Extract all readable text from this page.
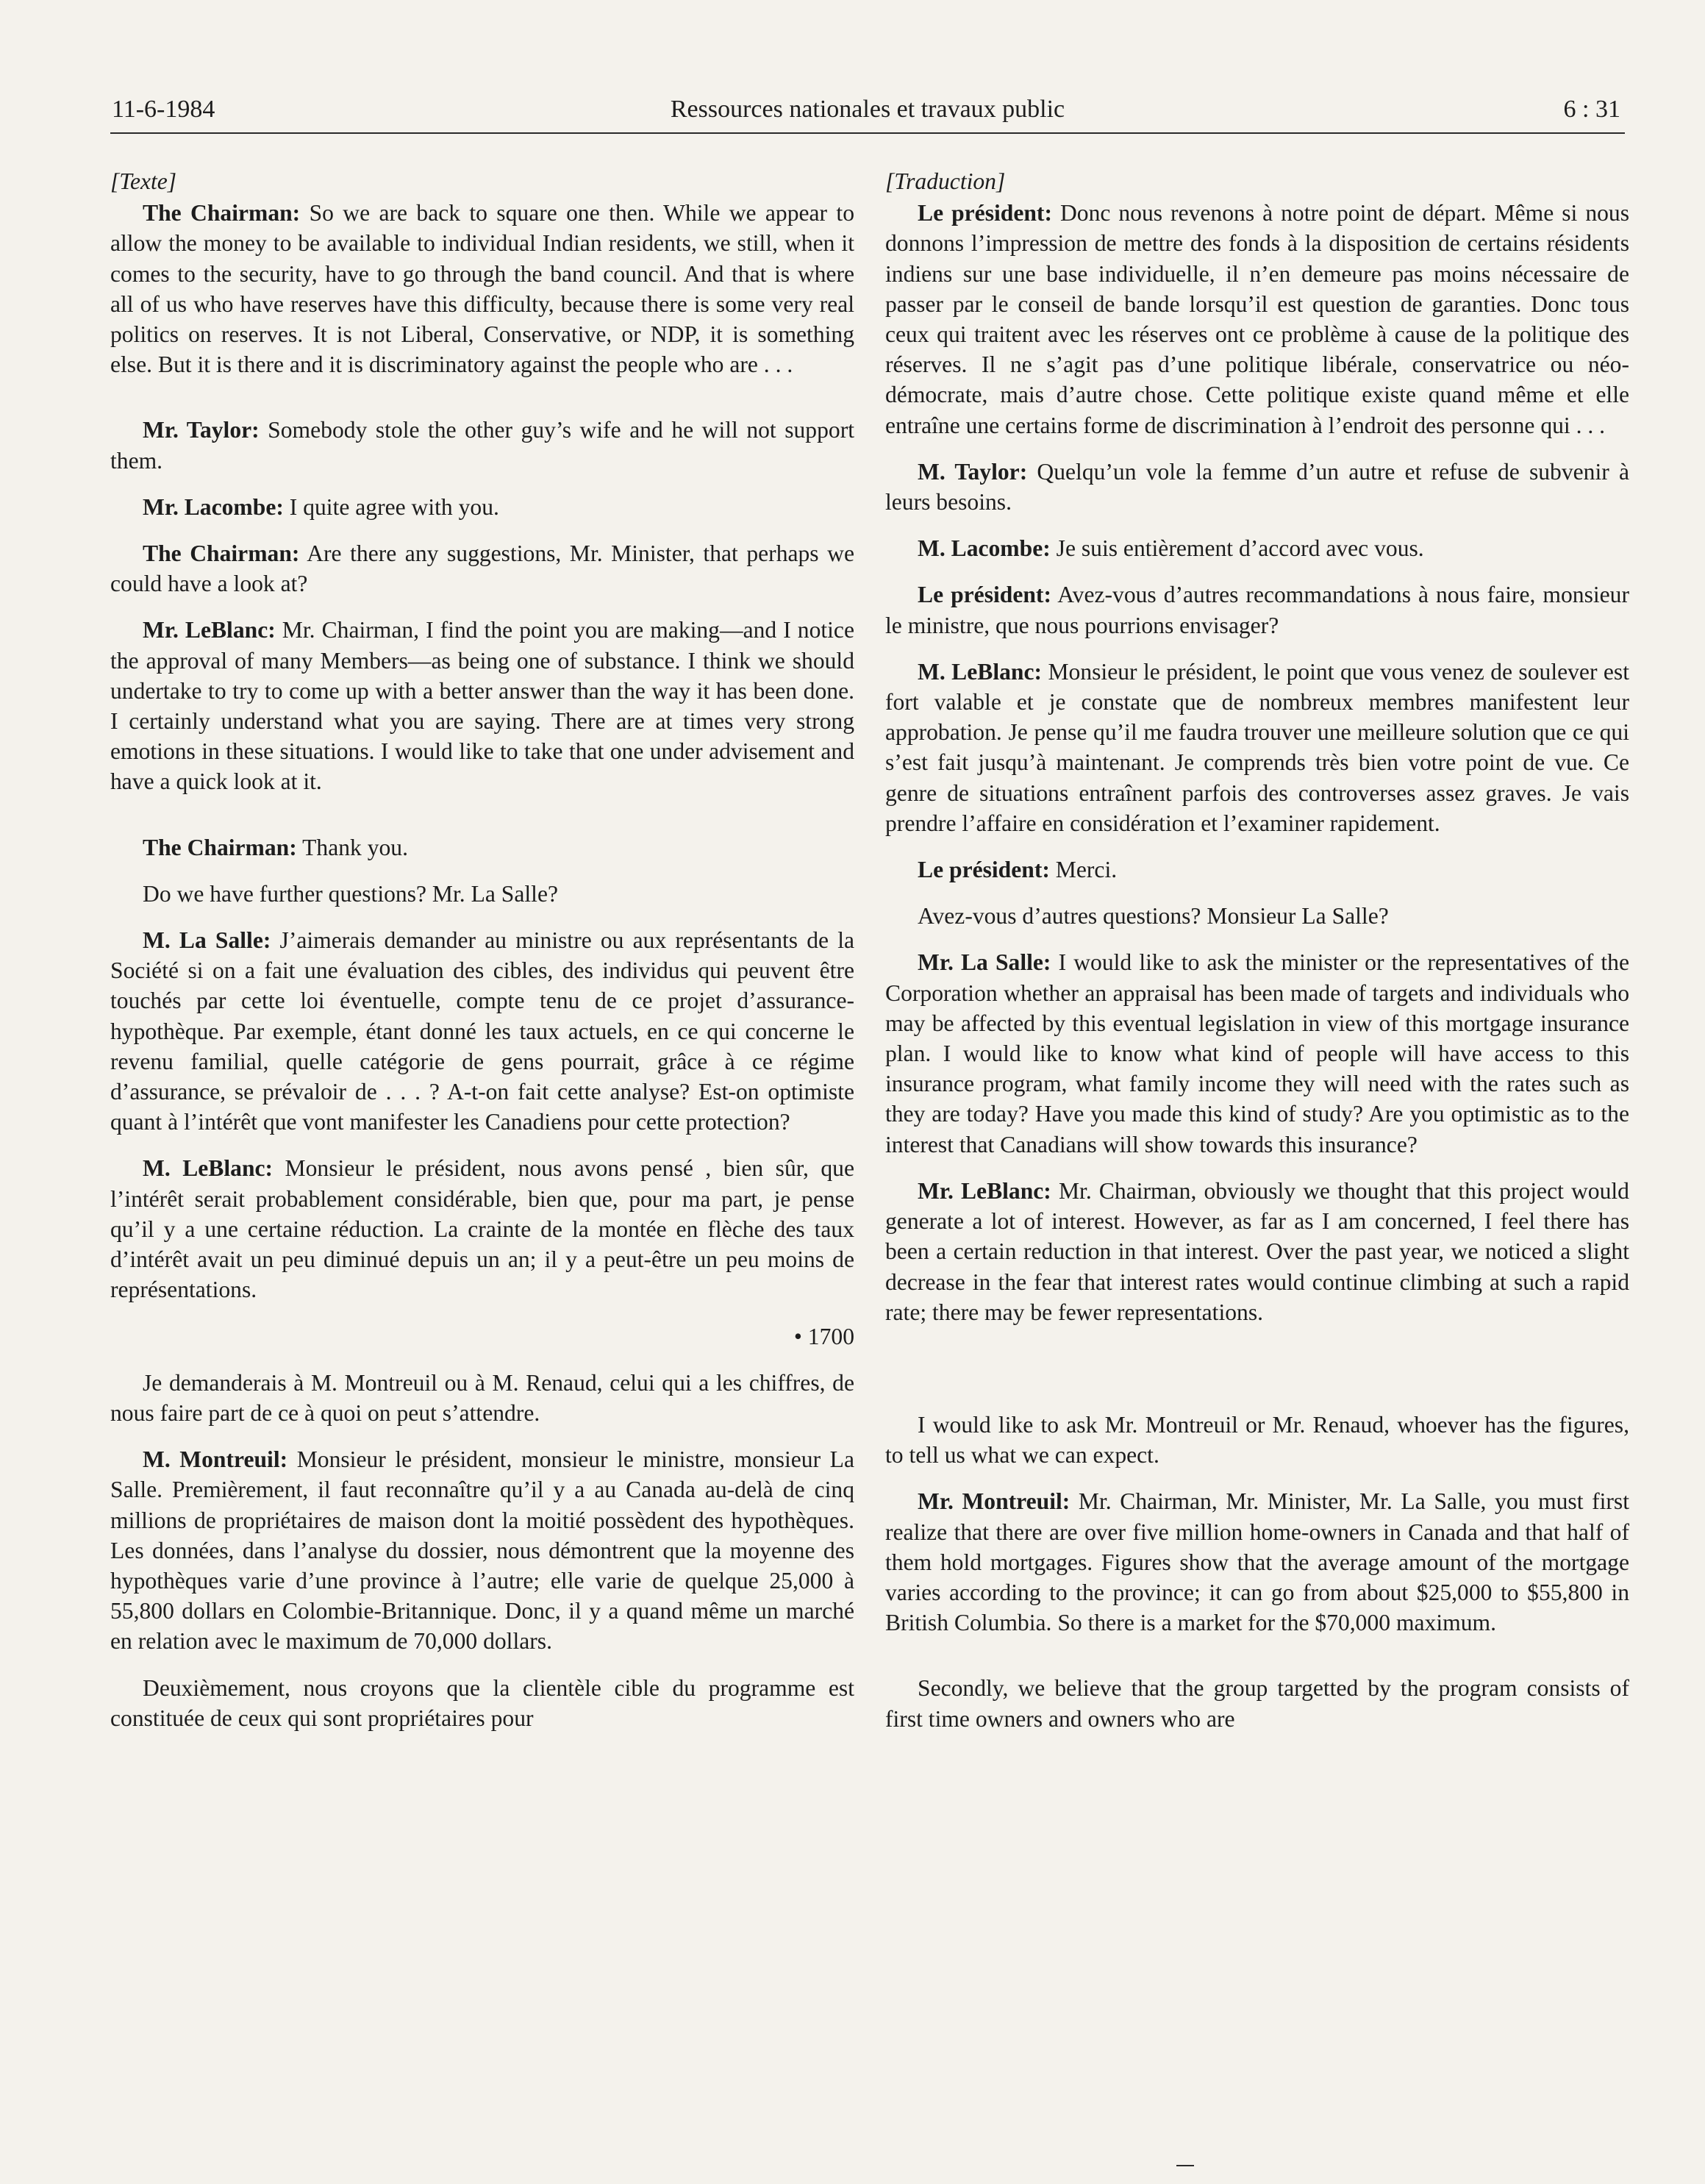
11-6-1984	Ressources nationales et travaux public	6 : 31

[Texte]

The Chairman: So we are back to square one then. While we appear to allow the money to be available to individual Indian residents, we still, when it comes to the security, have to go through the band council. And that is where all of us who have reserves have this difficulty, because there is some very real politics on reserves. It is not Liberal, Conservative, or NDP, it is something else. But it is there and it is discriminatory against the people who are . . .

Mr. Taylor: Somebody stole the other guy’s wife and he will not support them.

Mr. Lacombe: I quite agree with you.

The Chairman: Are there any suggestions, Mr. Minister, that perhaps we could have a look at?

Mr. LeBlanc: Mr. Chairman, I find the point you are making—and I notice the approval of many Members—as being one of substance. I think we should undertake to try to come up with a better answer than the way it has been done. I certainly understand what you are saying. There are at times very strong emotions in these situations. I would like to take that one under advisement and have a quick look at it.

The Chairman: Thank you.

Do we have further questions? Mr. La Salle?

M. La Salle: J’aimerais demander au ministre ou aux représentants de la Société si on a fait une évaluation des cibles, des individus qui peuvent être touchés par cette loi éventuelle, compte tenu de ce projet d’assurance-hypothèque. Par exemple, étant donné les taux actuels, en ce qui concerne le revenu familial, quelle catégorie de gens pourrait, grâce à ce régime d’assurance, se prévaloir de . . . ? A-t-on fait cette analyse? Est-on optimiste quant à l’intérêt que vont manifester les Canadiens pour cette protection?

M. LeBlanc: Monsieur le président, nous avons pensé , bien sûr, que l’intérêt serait probablement considérable, bien que, pour ma part, je pense qu’il y a une certaine réduction. La crainte de la montée en flèche des taux d’intérêt avait un peu diminué depuis un an; il y a peut-être un peu moins de représentations.

• 1700

Je demanderais à M. Montreuil ou à M. Renaud, celui qui a les chiffres, de nous faire part de ce à quoi on peut s’attendre.

M. Montreuil: Monsieur le président, monsieur le ministre, monsieur La Salle. Premièrement, il faut reconnaître qu’il y a au Canada au-delà de cinq millions de propriétaires de maison dont la moitié possèdent des hypothèques. Les données, dans l’analyse du dossier, nous démontrent que la moyenne des hypothèques varie d’une province à l’autre; elle varie de quelque 25,000 à 55,800 dollars en Colombie-Britannique. Donc, il y a quand même un marché en relation avec le maximum de 70,000 dollars.

Deuxièmement, nous croyons que la clientèle cible du programme est constituée de ceux qui sont propriétaires pour

[Traduction]

Le président: Donc nous revenons à notre point de départ. Même si nous donnons l’impression de mettre des fonds à la disposition de certains résidents indiens sur une base individuelle, il n’en demeure pas moins nécessaire de passer par le conseil de bande lorsqu’il est question de garanties. Donc tous ceux qui traitent avec les réserves ont ce problème à cause de la politique des réserves. Il ne s’agit pas d’une politique libérale, conservatrice ou néo-démocrate, mais d’autre chose. Cette politique existe quand même et elle entraîne une certains forme de discrimination à l’endroit des personne qui . . .

M. Taylor: Quelqu’un vole la femme d’un autre et refuse de subvenir à leurs besoins.

M. Lacombe: Je suis entièrement d’accord avec vous.

Le président: Avez-vous d’autres recommandations à nous faire, monsieur le ministre, que nous pourrions envisager?

M. LeBlanc: Monsieur le président, le point que vous venez de soulever est fort valable et je constate que de nombreux membres manifestent leur approbation. Je pense qu’il me faudra trouver une meilleure solution que ce qui s’est fait jusqu’à maintenant. Je comprends très bien votre point de vue. Ce genre de situations entraînent parfois des controverses assez graves. Je vais prendre l’affaire en considération et l’examiner rapidement.

Le président: Merci.

Avez-vous d’autres questions? Monsieur La Salle?

Mr. La Salle: I would like to ask the minister or the representatives of the Corporation whether an appraisal has been made of targets and individuals who may be affected by this eventual legislation in view of this mortgage insurance plan. I would like to know what kind of people will have access to this insurance program, what family income they will need with the rates such as they are today? Have you made this kind of study? Are you optimistic as to the interest that Canadians will show towards this insurance?

Mr. LeBlanc: Mr. Chairman, obviously we thought that this project would generate a lot of interest. However, as far as I am concerned, I feel there has been a certain reduction in that interest. Over the past year, we noticed a slight decrease in the fear that interest rates would continue climbing at such a rapid rate; there may be fewer representations.

I would like to ask Mr. Montreuil or Mr. Renaud, whoever has the figures, to tell us what we can expect.

Mr. Montreuil: Mr. Chairman, Mr. Minister, Mr. La Salle, you must first realize that there are over five million home-owners in Canada and that half of them hold mortgages. Figures show that the average amount of the mortgage varies according to the province; it can go from about $25,000 to $55,800 in British Columbia. So there is a market for the $70,000 maximum.

Secondly, we believe that the group targetted by the program consists of first time owners and owners who are
